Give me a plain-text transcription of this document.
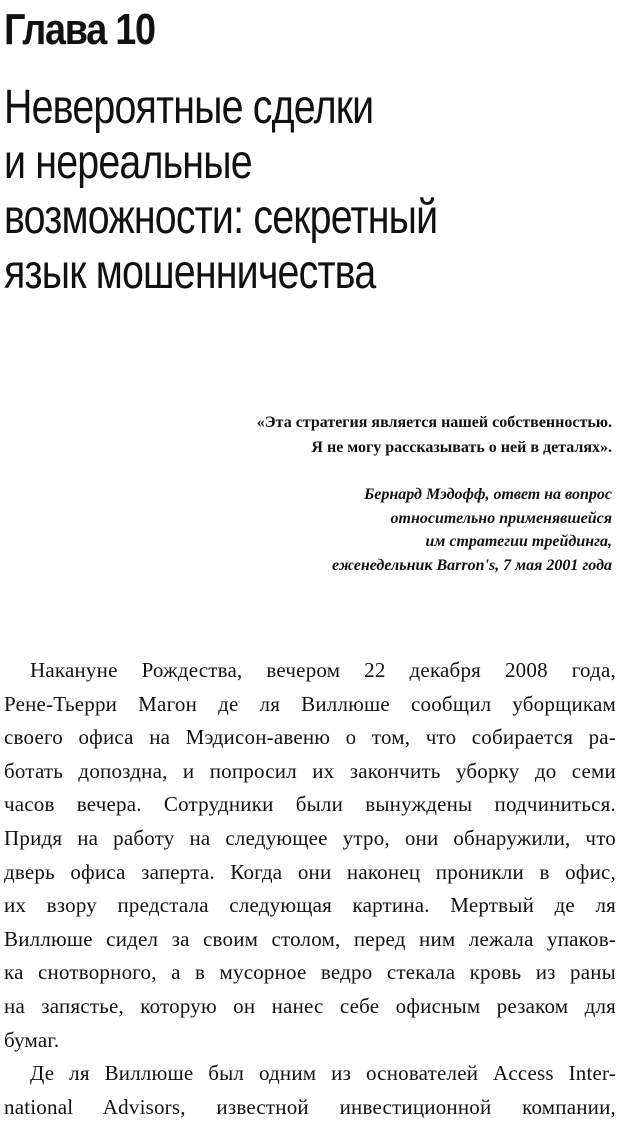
Глава 10
Невероятные сделки
и нереальные
возможности: секретный
язык мошенничества
«Эта стратегия является нашей собственностью.
Я не могу рассказывать о ней в деталях».
Бернард Мэдофф, ответ на вопрос
относительно применявшейся
им стратегии трейдинга,
еженедельник Barron's, 7 мая 2001 года
Накануне Рождества, вечером 22 декабря 2008 года,
Рене-Тьерри Магон де ля Виллюше сообщил уборщикам
своего офиса на Мэдисон-авеню о том, что собирается ра-
ботать допоздна, и попросил их закончить уборку до семи
часов вечера. Сотрудники были вынуждены подчиниться.
Придя на работу на следующее утро, они обнаружили, что
дверь офиса заперта. Когда они наконец проникли в офис,
их взору предстала следующая картина. Мертвый де ля
Виллюше сидел за своим столом, перед ним лежала упаков-
ка снотворного, а в мусорное ведро стекала кровь из раны
на запястье, которую он нанес себе офисным резаком для
бумаг.
Де ля Виллюше был одним из основателей Access Inter-
national Advisors, известной инвестиционной компании,
